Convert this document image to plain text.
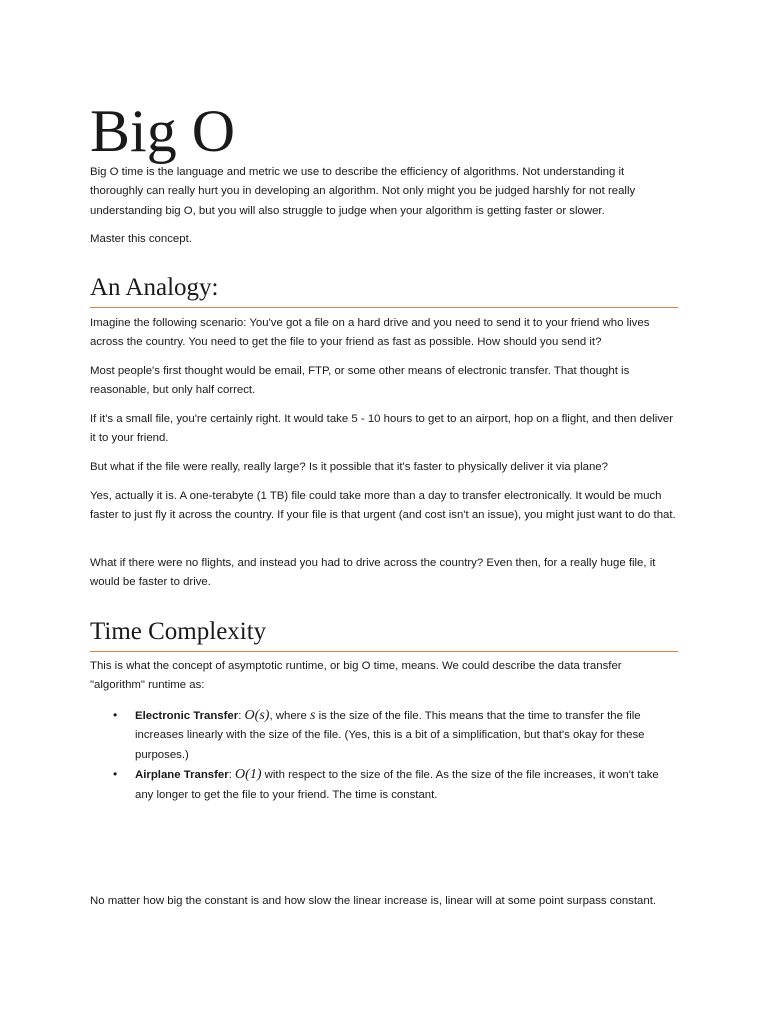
Big O

Big O time is the language and metric we use to describe the efficiency of algorithms. Not understanding it thoroughly can really hurt you in developing an algorithm. Not only might you be judged harshly for not really understanding big O, but you will also struggle to judge when your algorithm is getting faster or slower.

Master this concept.

An Analogy:

Imagine the following scenario: You've got a file on a hard drive and you need to send it to your friend who lives across the country. You need to get the file to your friend as fast as possible. How should you send it?

Most people's first thought would be email, FTP, or some other means of electronic transfer. That thought is reasonable, but only half correct.

If it's a small file, you're certainly right. It would take 5 - 10 hours to get to an airport, hop on a flight, and then deliver it to your friend.

But what if the file were really, really large? Is it possible that it's faster to physically deliver it via plane?

Yes, actually it is. A one-terabyte (1 TB) file could take more than a day to transfer electronically. It would be much faster to just fly it across the country. If your file is that urgent (and cost isn't an issue), you might just want to do that.

What if there were no flights, and instead you had to drive across the country? Even then, for a really huge file, it would be faster to drive.

Time Complexity

This is what the concept of asymptotic runtime, or big O time, means. We could describe the data transfer "algorithm" runtime as:

• Electronic Transfer: O(s), where s is the size of the file. This means that the time to transfer the file increases linearly with the size of the file. (Yes, this is a bit of a simplification, but that's okay for these purposes.)
• Airplane Transfer: O(1) with respect to the size of the file. As the size of the file increases, it won't take any longer to get the file to your friend. The time is constant.

No matter how big the constant is and how slow the linear increase is, linear will at some point surpass constant.
